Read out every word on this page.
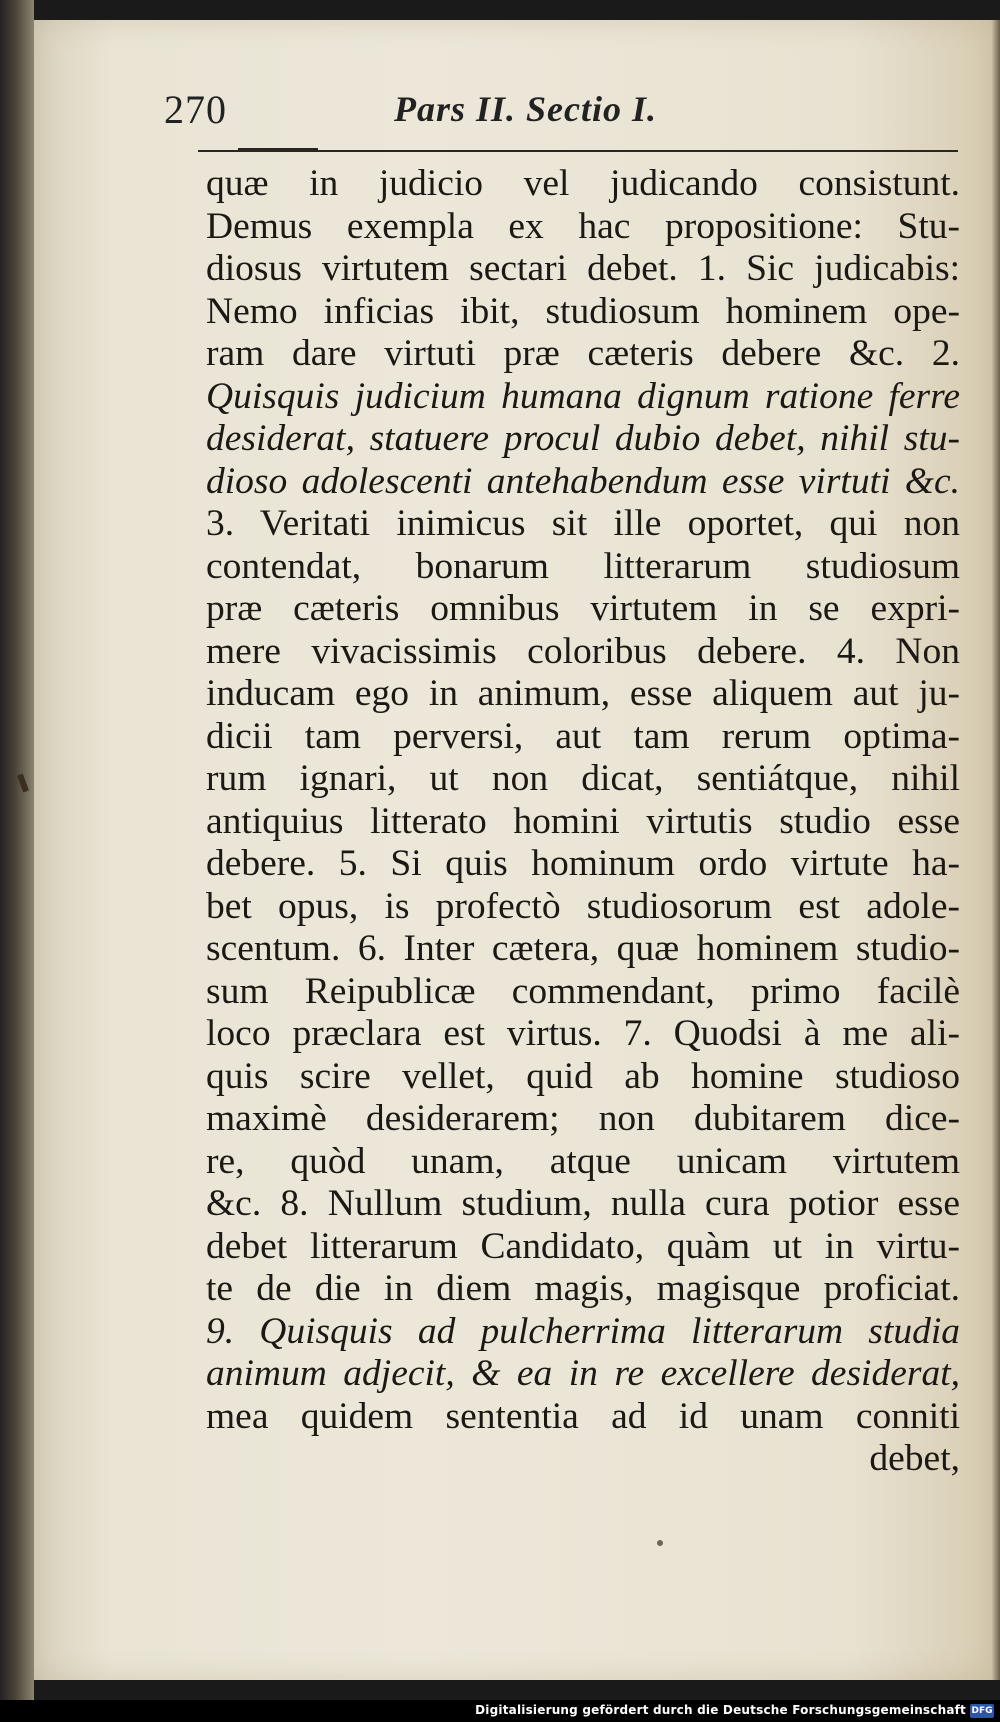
270	Pars II. Sectio I.
quæ in judicio vel judicando consistunt.
Demus exempla ex hac propositione: Stu-
diosus virtutem sectari debet. 1. Sic judicabis:
Nemo inficias ibit, studiosum hominem ope-
ram dare virtuti præ cæteris debere &c. 2.
Quisquis judicium humana dignum ratione ferre
desiderat, statuere procul dubio debet, nihil stu-
dioso adolescenti antehabendum esse virtuti &c.
3. Veritati inimicus sit ille oportet, qui non
contendat, bonarum litterarum studiosum
præ cæteris omnibus virtutem in se expri-
mere vivacissimis coloribus debere. 4. Non
inducam ego in animum, esse aliquem aut ju-
dicii tam perversi, aut tam rerum optima-
rum ignari, ut non dicat, sentiátque, nihil
antiquius litterato homini virtutis studio esse
debere. 5. Si quis hominum ordo virtute ha-
bet opus, is profectò studiosorum est adole-
scentum. 6. Inter cætera, quæ hominem studio-
sum Reipublicæ commendant, primo facilè
loco præclara est virtus. 7. Quodsi à me ali-
quis scire vellet, quid ab homine studioso
maximè desiderarem; non dubitarem dice-
re, quòd unam, atque unicam virtutem
&c. 8. Nullum studium, nulla cura potior esse
debet litterarum Candidato, quàm ut in virtu-
te de die in diem magis, magisque proficiat.
9. Quisquis ad pulcherrima litterarum studia
animum adjecit, & ea in re excellere desiderat,
mea quidem sententia ad id unam conniti
debet,
Digitalisierung gefördert durch die Deutsche Forschungsgemeinschaft DFG
